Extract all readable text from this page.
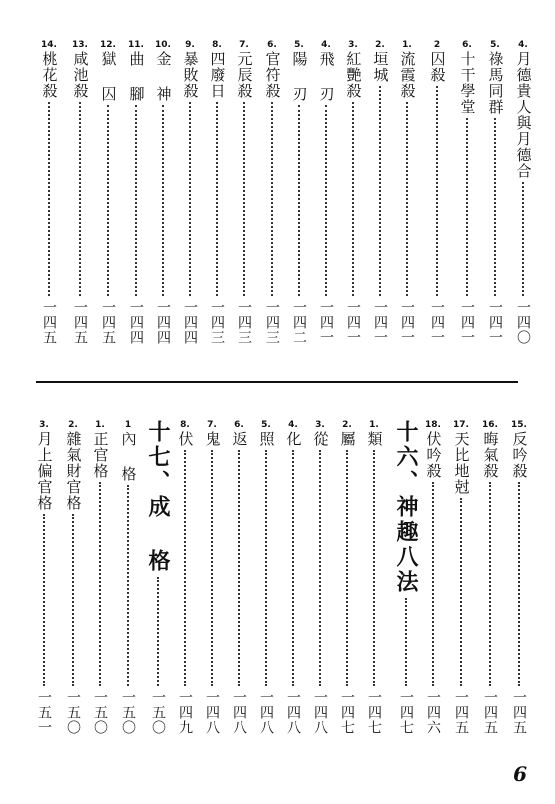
4.
月德貴人與月德合
一四〇
5.
祿馬同群
一四一
6.
十干學堂
一四一
2
囚殺
一四一
1.
流霞殺
一四一
2.
垣城
一四一
3.
紅艷殺
一四一
4.
飛 刃
一四一
5.
陽 刃
一四二
6.
官符殺
一四三
7.
元辰殺
一四三
8.
四廢日
一四三
9.
暴敗殺
一四四
10.
金 神
一四四
11.
曲 腳
一四四
12.
獄 囚
一四五
13.
咸池殺
一四五
14.
桃花殺
一四五
15.
反吟殺
一四五
16.
晦氣殺
一四五
17.
天比地尅
一四五
18.
伏吟殺
一四六
十六、神趣八法
一四七
1.
類
一四七
2.
屬
一四七
3.
從
一四八
4.
化
一四八
5.
照
一四八
6.
返
一四八
7.
鬼
一四八
8.
伏
一四九
十七、成 格
一五〇
1
內 格
一五〇
1.
正官格
一五〇
2.
雜氣財官格
一五〇
3.
月上偏官格
一五一
6
